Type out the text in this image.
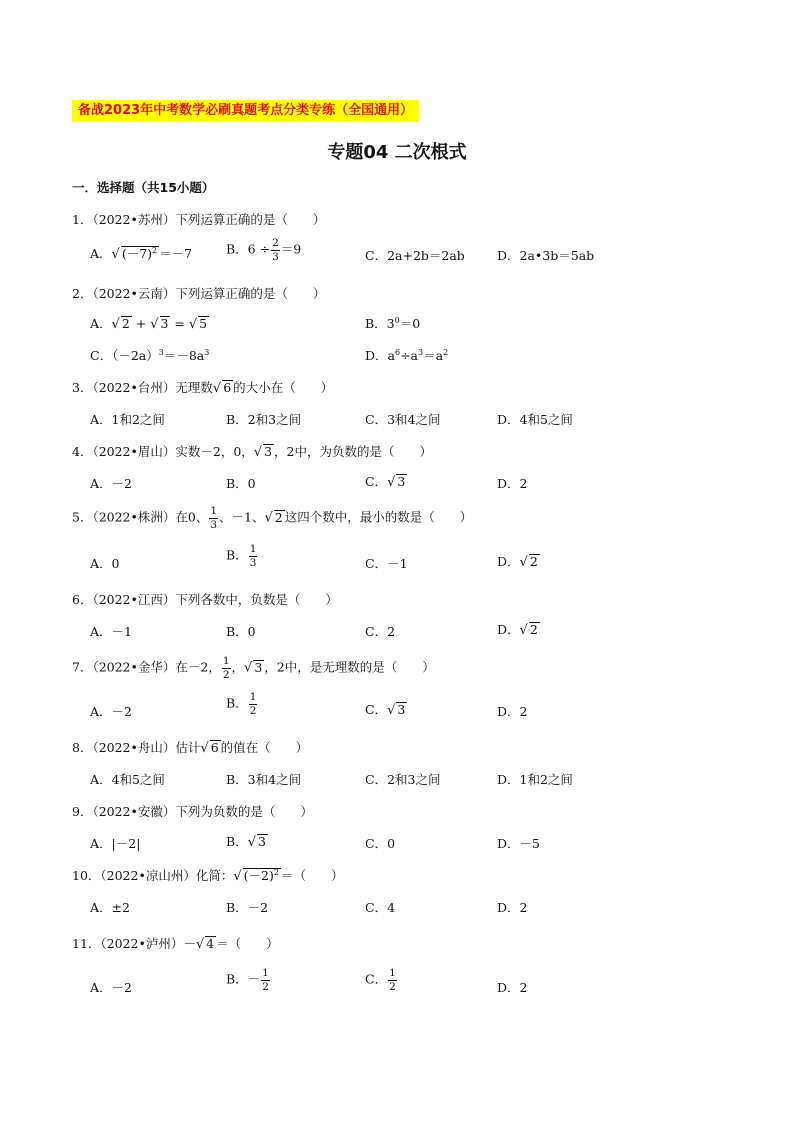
备战2023年中考数学必刷真题考点分类专练（全国通用）
专题04 二次根式
一．选择题（共15小题）
1．（2022•苏州）下列运算正确的是（　　）
A．√ $(-7)^2 =-7$	B．$6 \div \frac{2}{3} =9$	C．2a+2b＝2ab	D．2a•3b＝5ab
2．（2022•云南）下列运算正确的是（　　）
A．√ 2 + √ 3 = √ 5	B．$3^0=0$
C．$(-2a)^3=-8a^3$	D．$a^6\div a^3=a^2$
3．（2022•台州）无理数√ 6 的大小在（　　）
A．1和2之间	B．2和3之间	C．3和4之间	D．4和5之间
4．（2022•眉山）实数－2，0，√ 3 ，2中，为负数的是（　　）
A．－2	B．0	C．√ 3	D．2
5．（2022•株洲）在0、 $\frac{1}{3}$ 、－1、√ 2 这四个数中，最小的数是（　　）
A．0
B． $\frac{1}{3}$	C．－1	D．√ 2
6．（2022•江西）下列各数中，负数是（　　）
A．－1	B．0	C．2	D．√ 2
7．（2022•金华）在－2， $\frac{1}{2}$ ，√ 3 ，2中，是无理数的是（　　）
A．－2
B． $\frac{1}{2}$	C．√ 3	D．2
8．（2022•舟山）估计√ 6 的值在（　　）
A．4和5之间	B．3和4之间	C．2和3之间	D．1和2之间
9．（2022•安徽）下列为负数的是（　　）
A．|－2|	B．√ 3	C．0	D．－5
10．（2022•凉山州）化简：√ $(-2)^2$ ＝（　　）
A．±2	B．－2	C．4	D．2
11．（2022•泸州）－√ 4 ＝（　　）
A．－2
B．－ $\frac{1}{2}$	C． $\frac{1}{2}$	D．2
